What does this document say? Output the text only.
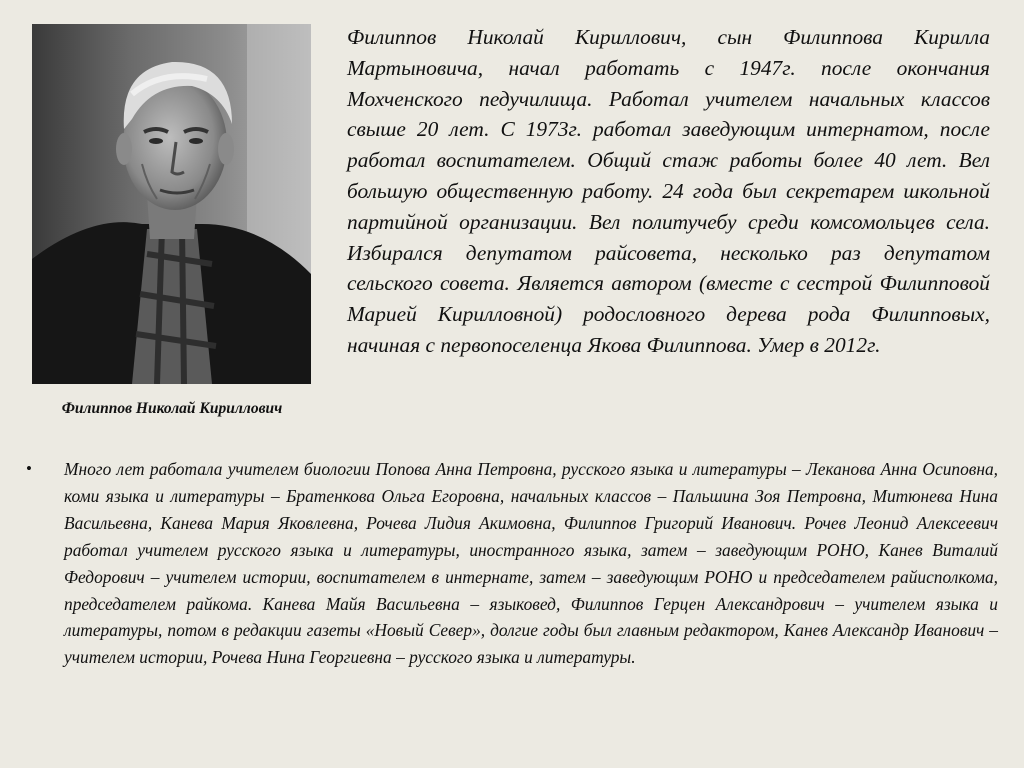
Филиппов Николай Кириллович

Филиппов Николай Кириллович, сын Филиппова Кирилла Мартыновича, начал работать с 1947г. после окончания Мохченского педучилища. Работал учителем начальных классов свыше 20 лет. С 1973г. работал заведующим интернатом, после работал воспитателем. Общий стаж работы более 40 лет. Вел большую общественную работу. 24 года был секретарем школьной партийной организации. Вел политучебу среди комсомольцев села. Избирался депутатом райсовета, несколько раз депутатом сельского совета. Является автором (вместе с сестрой Филипповой Марией Кирилловной) родословного дерева рода Филипповых, начиная с первопоселенца Якова Филиппова. Умер в 2012г.

• Много лет работала учителем биологии Попова Анна Петровна, русского языка и литературы – Леканова Анна Осиповна, коми языка и литературы – Братенкова Ольга Егоровна, начальных классов – Пальшина Зоя Петровна, Митюнева Нина Васильевна, Канева Мария Яковлевна, Рочева Лидия Акимовна, Филиппов Григорий Иванович. Рочев Леонид Алексеевич работал учителем русского языка и литературы, иностранного языка, затем – заведующим РОНО, Канев Виталий Федорович – учителем истории, воспитателем в интернате, затем – заведующим РОНО и председателем райисполкома, председателем райкома. Канева Майя Васильевна – языковед, Филиппов Герцен Александрович – учителем языка и литературы, потом в редакции газеты «Новый Север», долгие годы был главным редактором, Канев Александр Иванович – учителем истории, Рочева Нина Георгиевна – русского языка и литературы.
